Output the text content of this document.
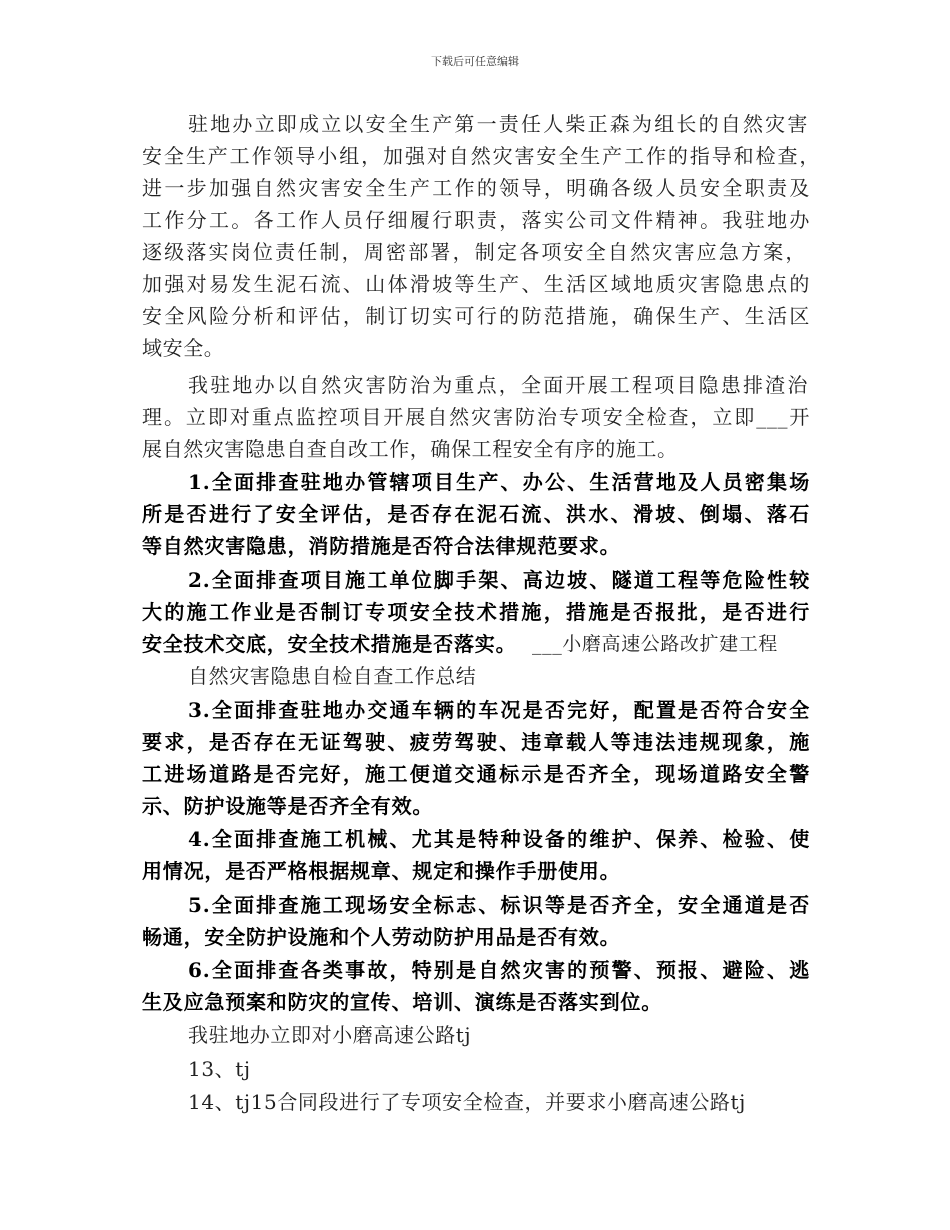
下载后可任意编辑
驻地办立即成立以安全生产第一责任人柴正森为组长的自然灾害
安全生产工作领导小组，加强对自然灾害安全生产工作的指导和检查，
进一步加强自然灾害安全生产工作的领导，明确各级人员安全职责及
工作分工。各工作人员仔细履行职责，落实公司文件精神。我驻地办
逐级落实岗位责任制，周密部署，制定各项安全自然灾害应急方案，
加强对易发生泥石流、山体滑坡等生产、生活区域地质灾害隐患点的
安全风险分析和评估，制订切实可行的防范措施，确保生产、生活区
域安全。
我驻地办以自然灾害防治为重点，全面开展工程项目隐患排渣治
理。立即对重点监控项目开展自然灾害防治专项安全检查，立即___开
展自然灾害隐患自查自改工作，确保工程安全有序的施工。
1.全面排查驻地办管辖项目生产、办公、生活营地及人员密集场
所是否进行了安全评估，是否存在泥石流、洪水、滑坡、倒塌、落石
等自然灾害隐患，消防措施是否符合法律规范要求。
2.全面排查项目施工单位脚手架、高边坡、隧道工程等危险性较
大的施工作业是否制订专项安全技术措施，措施是否报批，是否进行
安全技术交底，安全技术措施是否落实。 ___小磨高速公路改扩建工程
自然灾害隐患自检自查工作总结
3.全面排查驻地办交通车辆的车况是否完好，配置是否符合安全
要求，是否存在无证驾驶、疲劳驾驶、违章载人等违法违规现象，施
工进场道路是否完好，施工便道交通标示是否齐全，现场道路安全警
示、防护设施等是否齐全有效。
4.全面排查施工机械、尤其是特种设备的维护、保养、检验、使
用情况，是否严格根据规章、规定和操作手册使用。
5.全面排查施工现场安全标志、标识等是否齐全，安全通道是否
畅通，安全防护设施和个人劳动防护用品是否有效。
6.全面排查各类事故，特别是自然灾害的预警、预报、避险、逃
生及应急预案和防灾的宣传、培训、演练是否落实到位。
我驻地办立即对小磨高速公路tj
13、tj
14、tj15合同段进行了专项安全检查，并要求小磨高速公路tj
